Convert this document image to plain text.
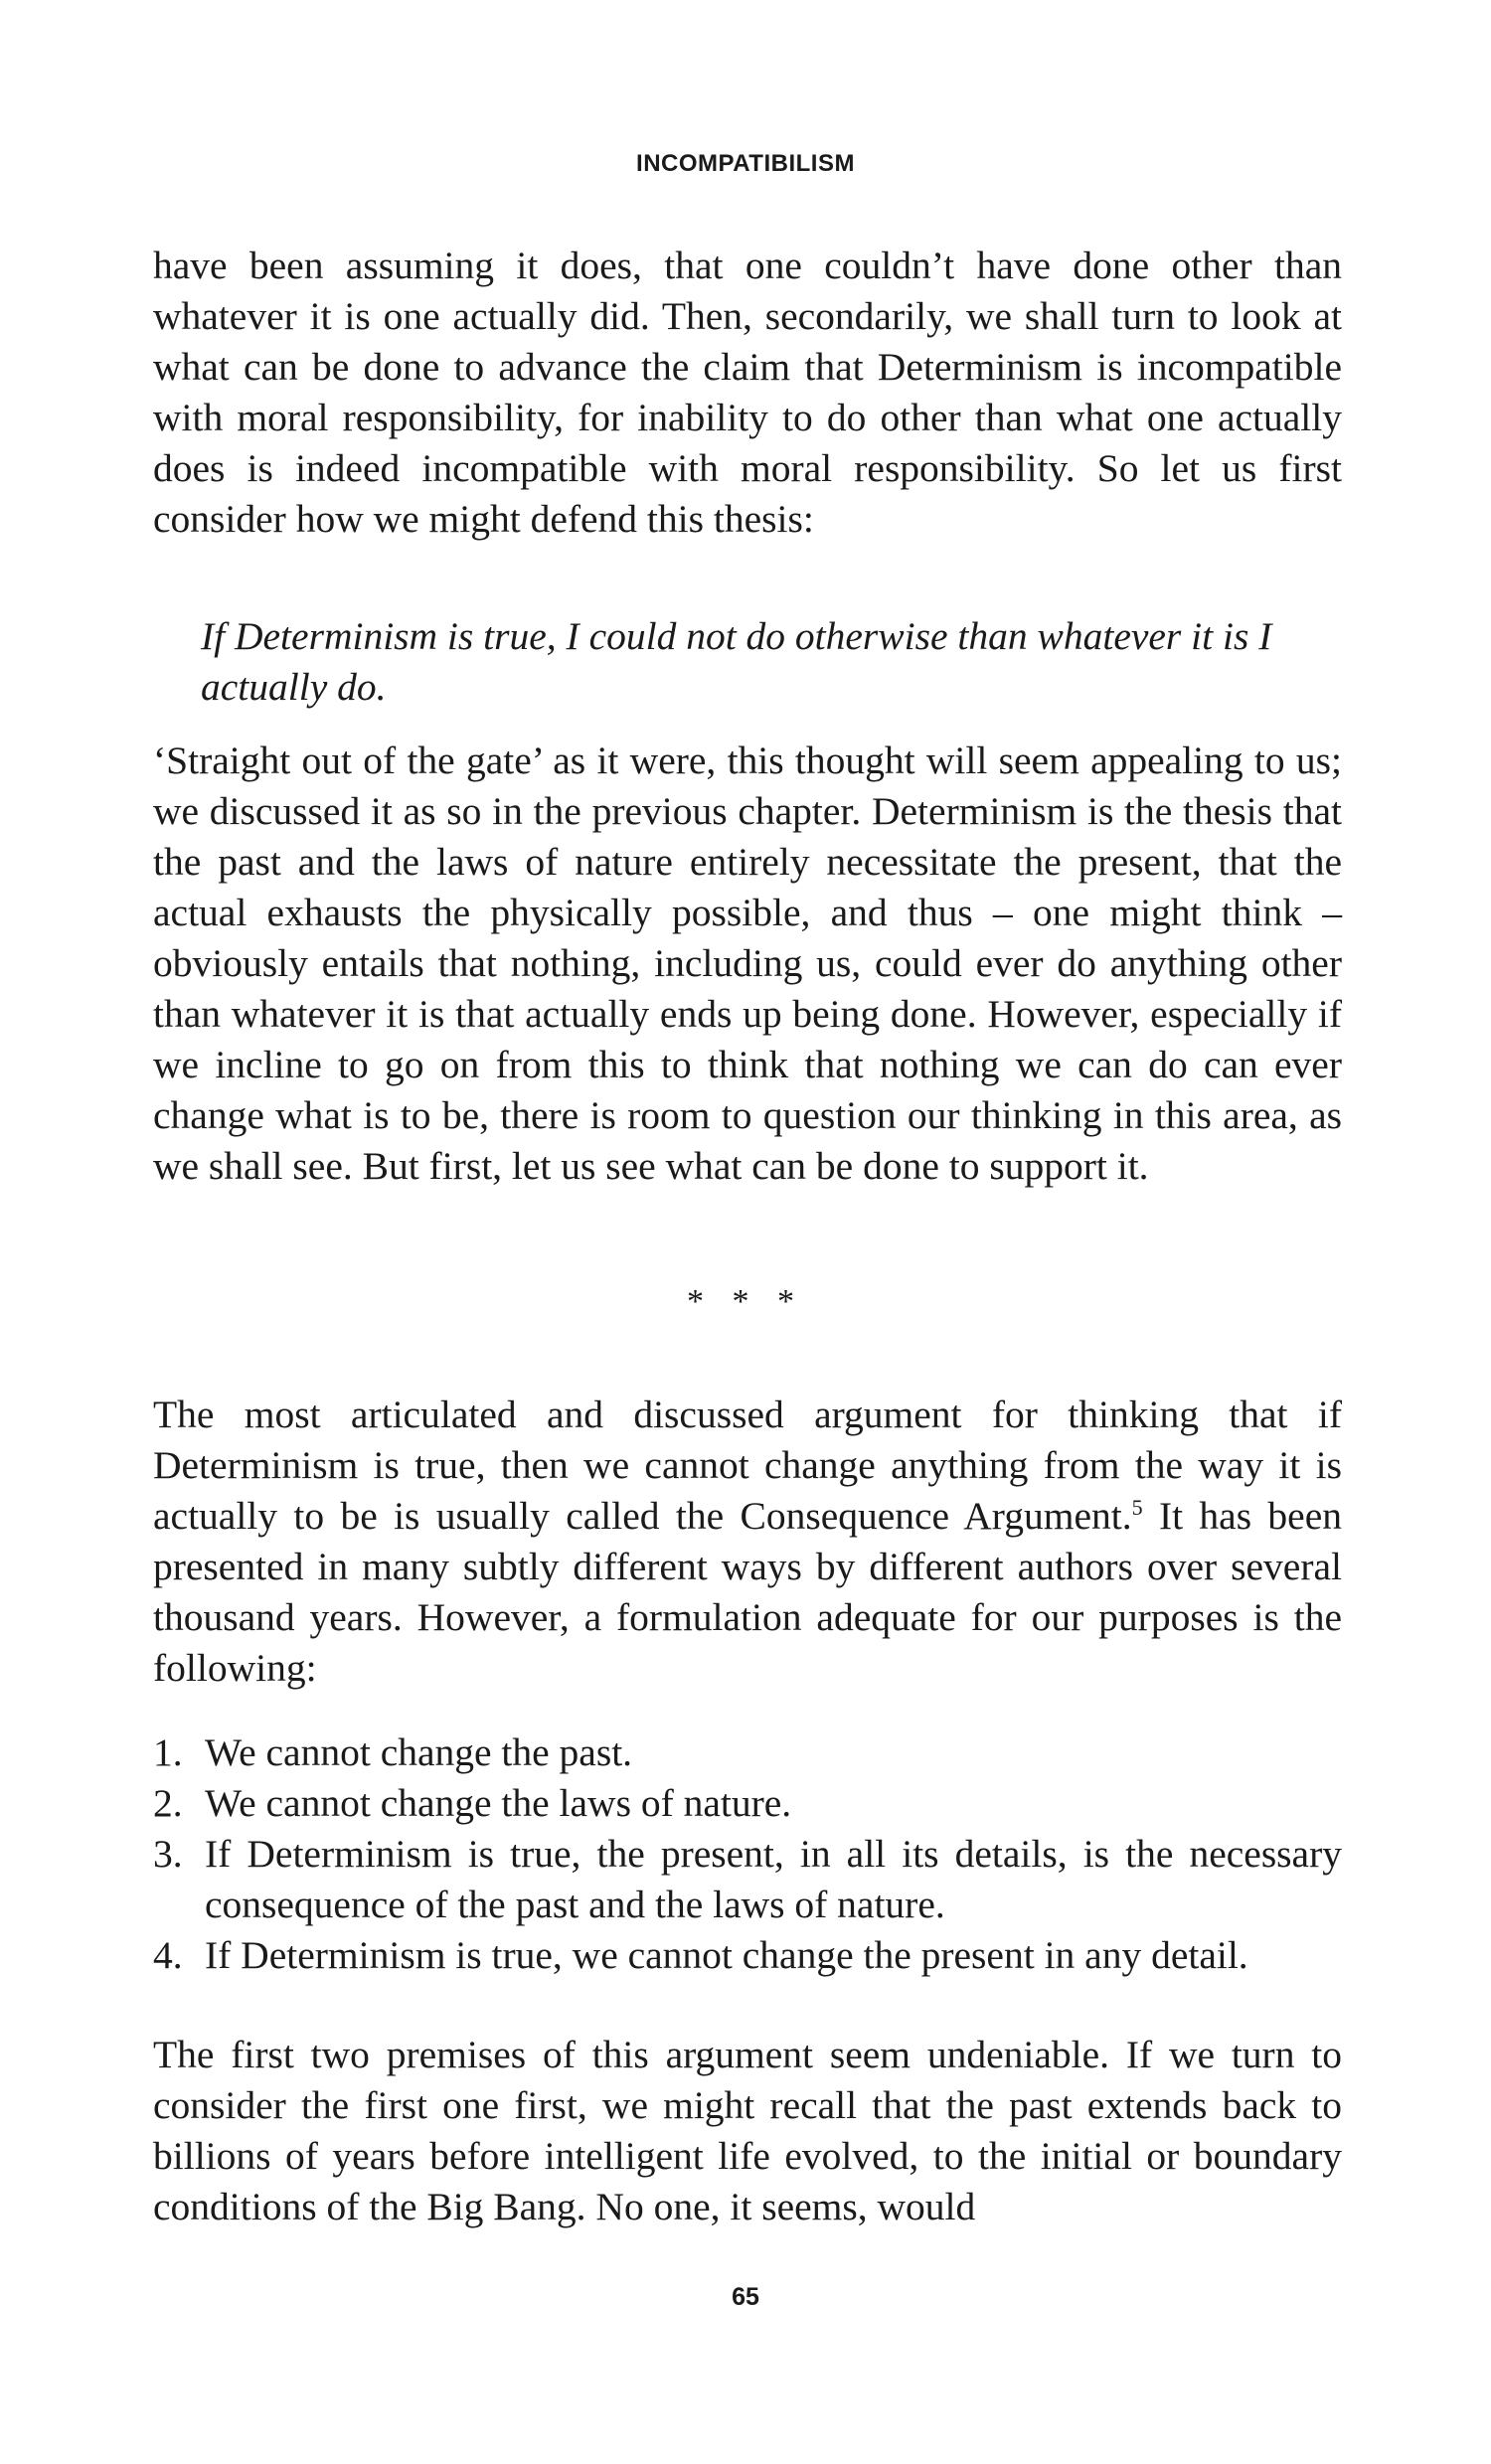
INCOMPATIBILISM

have been assuming it does, that one couldn’t have done other than whatever it is one actually did. Then, secondarily, we shall turn to look at what can be done to advance the claim that Determinism is incompatible with moral responsibility, for inability to do other than what one actually does is indeed incompatible with moral responsibility. So let us first consider how we might defend this thesis:

If Determinism is true, I could not do otherwise than whatever it is I actually do.

‘Straight out of the gate’ as it were, this thought will seem appealing to us; we discussed it as so in the previous chapter. Determinism is the thesis that the past and the laws of nature entirely necessitate the present, that the actual exhausts the physically possible, and thus – one might think – obviously entails that nothing, including us, could ever do anything other than whatever it is that actually ends up being done. However, especially if we incline to go on from this to think that nothing we can do can ever change what is to be, there is room to question our thinking in this area, as we shall see. But first, let us see what can be done to support it.

* * *

The most articulated and discussed argument for thinking that if Determinism is true, then we cannot change anything from the way it is actually to be is usually called the Consequence Argument.$^5$ It has been presented in many subtly different ways by different authors over several thousand years. However, a formulation adequate for our purposes is the following:

1. We cannot change the past.
2. We cannot change the laws of nature.
3. If Determinism is true, the present, in all its details, is the necessary consequence of the past and the laws of nature.
4. If Determinism is true, we cannot change the present in any detail.

The first two premises of this argument seem undeniable. If we turn to consider the first one first, we might recall that the past extends back to billions of years before intelligent life evolved, to the initial or boundary conditions of the Big Bang. No one, it seems, would

65
